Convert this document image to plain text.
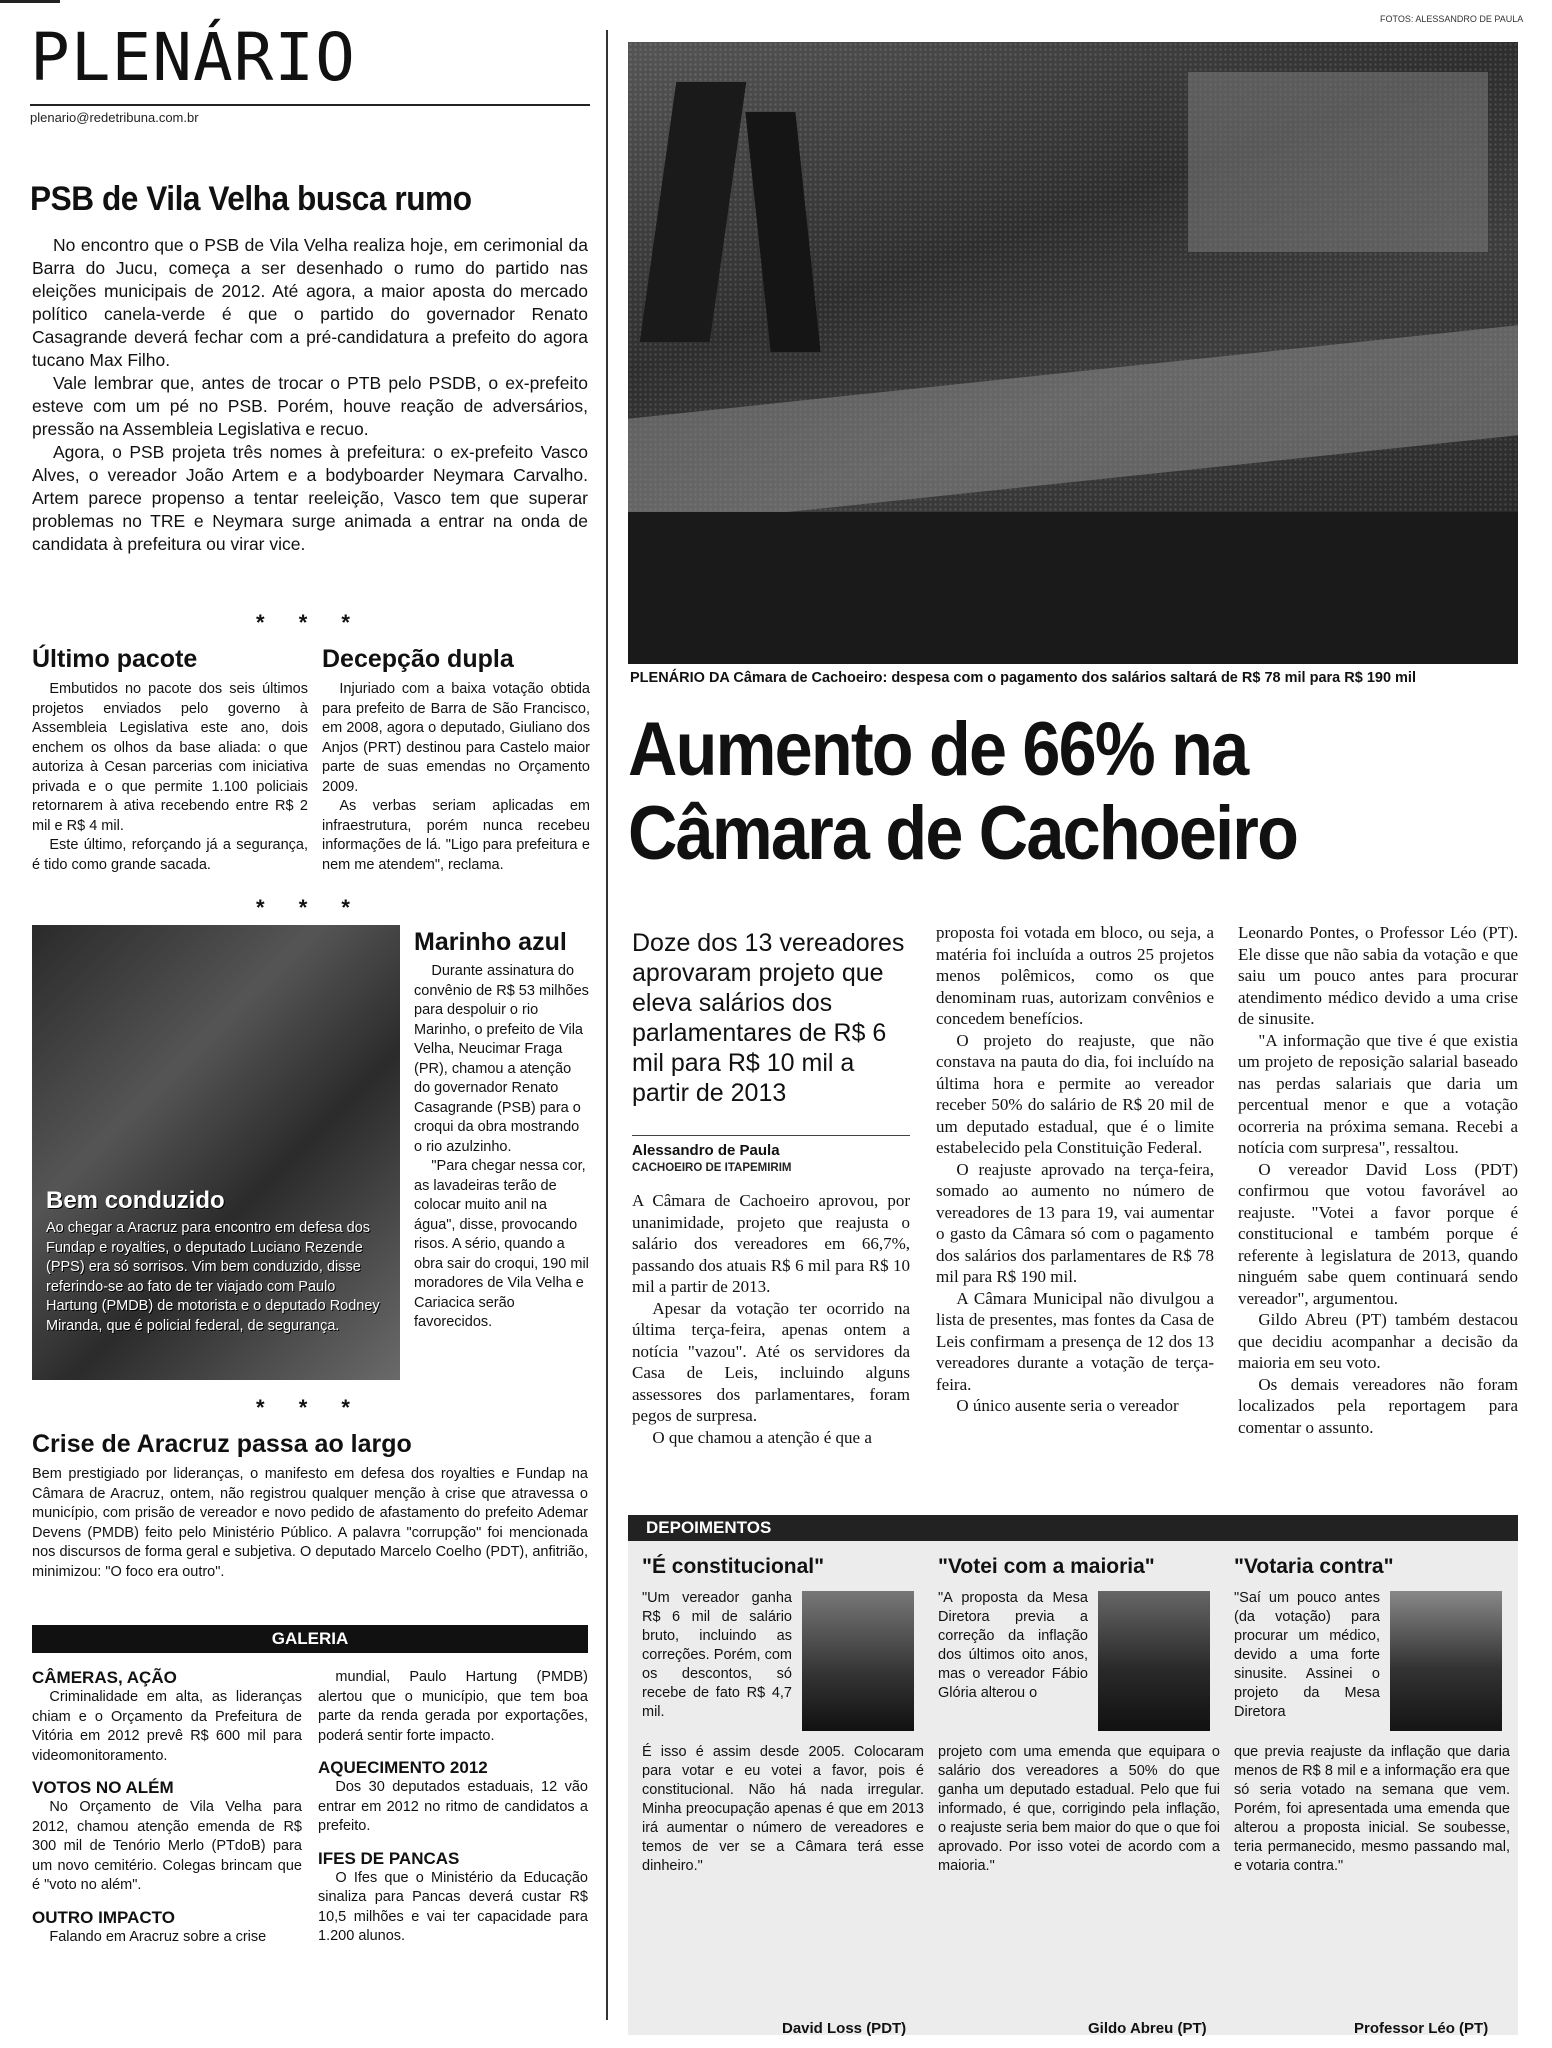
PLENÁRIO
plenario@redetribuna.com.br
FOTOS: ALESSANDRO DE PAULA
PSB de Vila Velha busca rumo

No encontro que o PSB de Vila Velha realiza hoje, em cerimonial da Barra do Jucu, começa a ser desenhado o rumo do partido nas eleições municipais de 2012. Até agora, a maior aposta do mercado político canela-verde é que o partido do governador Renato Casagrande deverá fechar com a pré-candidatura a prefeito do agora tucano Max Filho.

Vale lembrar que, antes de trocar o PTB pelo PSDB, o ex-prefeito esteve com um pé no PSB. Porém, houve reação de adversários, pressão na Assembleia Legislativa e recuo.

Agora, o PSB projeta três nomes à prefeitura: o ex-prefeito Vasco Alves, o vereador João Artem e a bodyboarder Neymara Carvalho. Artem parece propenso a tentar reeleição, Vasco tem que superar problemas no TRE e Neymara surge animada a entrar na onda de candidata à prefeitura ou virar vice.

* * *
Último pacote

Embutidos no pacote dos seis últimos projetos enviados pelo governo à Assembleia Legislativa este ano, dois enchem os olhos da base aliada: o que autoriza à Cesan parcerias com iniciativa privada e o que permite 1.100 policiais retornarem à ativa recebendo entre R$ 2 mil e R$ 4 mil.

Este último, reforçando já a segurança, é tido como grande sacada.

Decepção dupla

Injuriado com a baixa votação obtida para prefeito de Barra de São Francisco, em 2008, agora o deputado, Giuliano dos Anjos (PRT) destinou para Castelo maior parte de suas emendas no Orçamento 2009.

As verbas seriam aplicadas em infraestrutura, porém nunca recebeu informações de lá. "Ligo para prefeitura e nem me atendem", reclama.

* * *
Bem conduzido
Ao chegar a Aracruz para encontro em defesa dos Fundap e royalties, o deputado Luciano Rezende (PPS) era só sorrisos. Vim bem conduzido, disse referindo-se ao fato de ter viajado com Paulo Hartung (PMDB) de motorista e o deputado Rodney Miranda, que é policial federal, de segurança.
Marinho azul

Durante assinatura do convênio de R$ 53 milhões para despoluir o rio Marinho, o prefeito de Vila Velha, Neucimar Fraga (PR), chamou a atenção do governador Renato Casagrande (PSB) para o croqui da obra mostrando o rio azulzinho.

"Para chegar nessa cor, as lavadeiras terão de colocar muito anil na água", disse, provocando risos. A sério, quando a obra sair do croqui, 190 mil moradores de Vila Velha e Cariacica serão favorecidos.

* * *
Crise de Aracruz passa ao largo
Bem prestigiado por lideranças, o manifesto em defesa dos royalties e Fundap na Câmara de Aracruz, ontem, não registrou qualquer menção à crise que atravessa o município, com prisão de vereador e novo pedido de afastamento do prefeito Ademar Devens (PMDB) feito pelo Ministério Público. A palavra "corrupção" foi mencionada nos discursos de forma geral e subjetiva. O deputado Marcelo Coelho (PDT), anfitrião, minimizou: "O foco era outro".
GALERIA
CÂMERAS, AÇÃO

Criminalidade em alta, as lideranças chiam e o Orçamento da Prefeitura de Vitória em 2012 prevê R$ 600 mil para videomonitoramento.

VOTOS NO ALÉM

No Orçamento de Vila Velha para 2012, chamou atenção emenda de R$ 300 mil de Tenório Merlo (PTdoB) para um novo cemitério. Colegas brincam que é "voto no além".

OUTRO IMPACTO

Falando em Aracruz sobre a crise

mundial, Paulo Hartung (PMDB) alertou que o município, que tem boa parte da renda gerada por exportações, poderá sentir forte impacto.

AQUECIMENTO 2012

Dos 30 deputados estaduais, 12 vão entrar em 2012 no ritmo de candidatos a prefeito.

IFES DE PANCAS

O Ifes que o Ministério da Educação sinaliza para Pancas deverá custar R$ 10,5 milhões e vai ter capacidade para 1.200 alunos.

PLENÁRIO DA Câmara de Cachoeiro: despesa com o pagamento dos salários saltará de R$ 78 mil para R$ 190 mil
Aumento de 66% na
Câmara de Cachoeiro
Doze dos 13 vereadores aprovaram projeto que eleva salários dos parlamentares de R$ 6 mil para R$ 10 mil a partir de 2013
Alessandro de Paula
CACHOEIRO DE ITAPEMIRIM

A Câmara de Cachoeiro aprovou, por unanimidade, projeto que reajusta o salário dos vereadores em 66,7%, passando dos atuais R$ 6 mil para R$ 10 mil a partir de 2013.

Apesar da votação ter ocorrido na última terça-feira, apenas ontem a notícia "vazou". Até os servidores da Casa de Leis, incluindo alguns assessores dos parlamentares, foram pegos de surpresa.

O que chamou a atenção é que a

proposta foi votada em bloco, ou seja, a matéria foi incluída a outros 25 projetos menos polêmicos, como os que denominam ruas, autorizam convênios e concedem benefícios.

O projeto do reajuste, que não constava na pauta do dia, foi incluído na última hora e permite ao vereador receber 50% do salário de R$ 20 mil de um deputado estadual, que é o limite estabelecido pela Constituição Federal.

O reajuste aprovado na terça-feira, somado ao aumento no número de vereadores de 13 para 19, vai aumentar o gasto da Câmara só com o pagamento dos salários dos parlamentares de R$ 78 mil para R$ 190 mil.

A Câmara Municipal não divulgou a lista de presentes, mas fontes da Casa de Leis confirmam a presença de 12 dos 13 vereadores durante a votação de terça-feira.

O único ausente seria o vereador

Leonardo Pontes, o Professor Léo (PT). Ele disse que não sabia da votação e que saiu um pouco antes para procurar atendimento médico devido a uma crise de sinusite.

"A informação que tive é que existia um projeto de reposição salarial baseado nas perdas salariais que daria um percentual menor e que a votação ocorreria na próxima semana. Recebi a notícia com surpresa", ressaltou.

O vereador David Loss (PDT) confirmou que votou favorável ao reajuste. "Votei a favor porque é constitucional e também porque é referente à legislatura de 2013, quando ninguém sabe quem continuará sendo vereador", argumentou.

Gildo Abreu (PT) também destacou que decidiu acompanhar a decisão da maioria em seu voto.

Os demais vereadores não foram localizados pela reportagem para comentar o assunto.

DEPOIMENTOS
"É constitucional"
"Um vereador ganha R$ 6 mil de salário bruto, incluindo as correções. Porém, com os descontos, só recebe de fato R$ 4,7 mil.
É isso é assim desde 2005. Colocaram para votar e eu votei a favor, pois é constitucional. Não há nada irregular. Minha preocupação apenas é que em 2013 irá aumentar o número de vereadores e temos de ver se a Câmara terá esse dinheiro."
David Loss (PDT)
"Votei com a maioria"
"A proposta da Mesa Diretora previa a correção da inflação dos últimos oito anos, mas o vereador Fábio Glória alterou o
projeto com uma emenda que equipara o salário dos vereadores a 50% do que ganha um deputado estadual. Pelo que fui informado, é que, corrigindo pela inflação, o reajuste seria bem maior do que o que foi aprovado. Por isso votei de acordo com a maioria."
Gildo Abreu (PT)
"Votaria contra"
"Saí um pouco antes (da votação) para procurar um médico, devido a uma forte sinusite. Assinei o projeto da Mesa Diretora
que previa reajuste da inflação que daria menos de R$ 8 mil e a informação era que só seria votado na semana que vem. Porém, foi apresentada uma emenda que alterou a proposta inicial. Se soubesse, teria permanecido, mesmo passando mal, e votaria contra."
Professor Léo (PT)
